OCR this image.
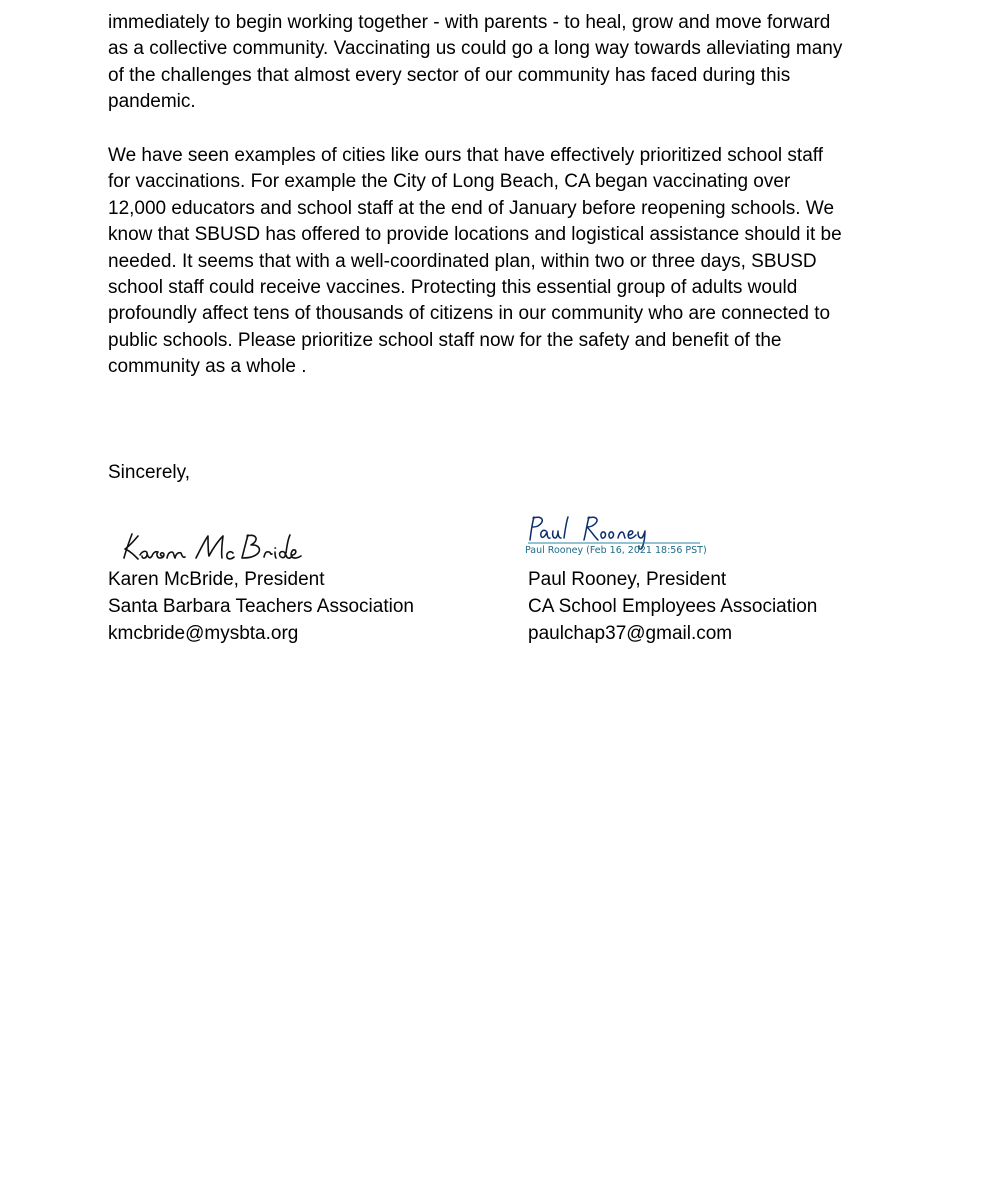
immediately to begin working together - with parents - to heal, grow and move forward
as a collective community. Vaccinating us could go a long way towards alleviating many
of the challenges that almost every sector of our community has faced during this
pandemic.

We have seen examples of cities like ours that have effectively prioritized school staff
for vaccinations. For example the City of Long Beach, CA began vaccinating over
12,000 educators and school staff at the end of January before reopening schools. We
know that SBUSD has offered to provide locations and logistical assistance should it be
needed. It seems that with a well-coordinated plan, within two or three days, SBUSD
school staff could receive vaccines. Protecting this essential group of adults would
profoundly affect tens of thousands of citizens in our community who are connected to
public schools. Please prioritize school staff now for the safety and benefit of the
community as a whole .

Sincerely,

Paul Rooney (Feb 16, 2021 18:56 PST)
Karen McBride, President
Santa Barbara Teachers Association
kmcbride@mysbta.org
Paul Rooney, President
CA School Employees Association
paulchap37@gmail.com
